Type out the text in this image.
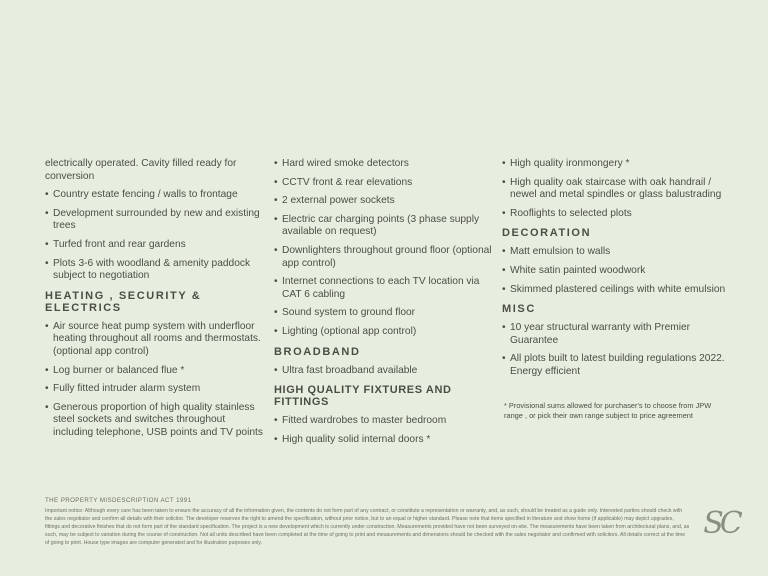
electrically operated. Cavity filled ready for conversion

• Country estate fencing / walls to frontage
• Development surrounded by new and existing trees
• Turfed front and rear gardens
• Plots 3-6 with woodland & amenity paddock subject to negotiation
HEATING , SECURITY & ELECTRICS
• Air source heat pump system with underfloor heating throughout all rooms and thermostats. (optional app control)
• Log burner or balanced flue *
• Fully fitted intruder alarm system
• Generous proportion of high quality stainless steel sockets and switches throughout including telephone, USB points and TV points
• Hard wired smoke detectors
• CCTV front & rear elevations
• 2 external power sockets
• Electric car charging points (3 phase supply available on request)
• Downlighters throughout ground floor (optional app control)
• Internet connections to each TV location via CAT 6 cabling
• Sound system to ground floor
• Lighting (optional app control)
BROADBAND
• Ultra fast broadband available
HIGH QUALITY FIXTURES AND FITTINGS
• Fitted wardrobes to master bedroom
• High quality solid internal doors *
• High quality ironmongery *
• High quality oak staircase with oak handrail / newel and metal spindles or glass balustrading
• Rooflights to selected plots
DECORATION
• Matt emulsion to walls
• White satin painted woodwork
• Skimmed plastered ceilings with white emulsion
MISC
• 10 year structural warranty with Premier Guarantee
• All plots built to latest building regulations 2022. Energy efficient
* Provisional sums allowed for purchaser's to choose from JPW range , or pick their own range subject to price agreement
THE PROPERTY MISDESCRIPTION ACT 1991
Important notice: Although every care has been taken to ensure the accuracy of all the information given, the contents do not form part of any contract, or constitute a representation or warranty, and, as such, should be treated as a guide only. Interested parties should check with the sales negotiator and confirm all details with their solicitor. The developer reserves the right to amend the specification, without prior notice, but to an equal or higher standard. Please note that items specified in literature and show home (if applicable) may depict upgrades, fittings and decorative finishes that do not form part of the standard specification. The project is a new development which is currently under construction. Measurements provided have not been surveyed on-site. The measurements have been taken from architectural plans, and, as such, may be subject to variation during the course of construction. Not all units described have been completed at the time of going to print and measurements and dimensions should be checked with the sales negotiator and confirmed with solicitors. All details correct at the time of going to print. House type images are computer generated and for illustration purposes only.
SC
